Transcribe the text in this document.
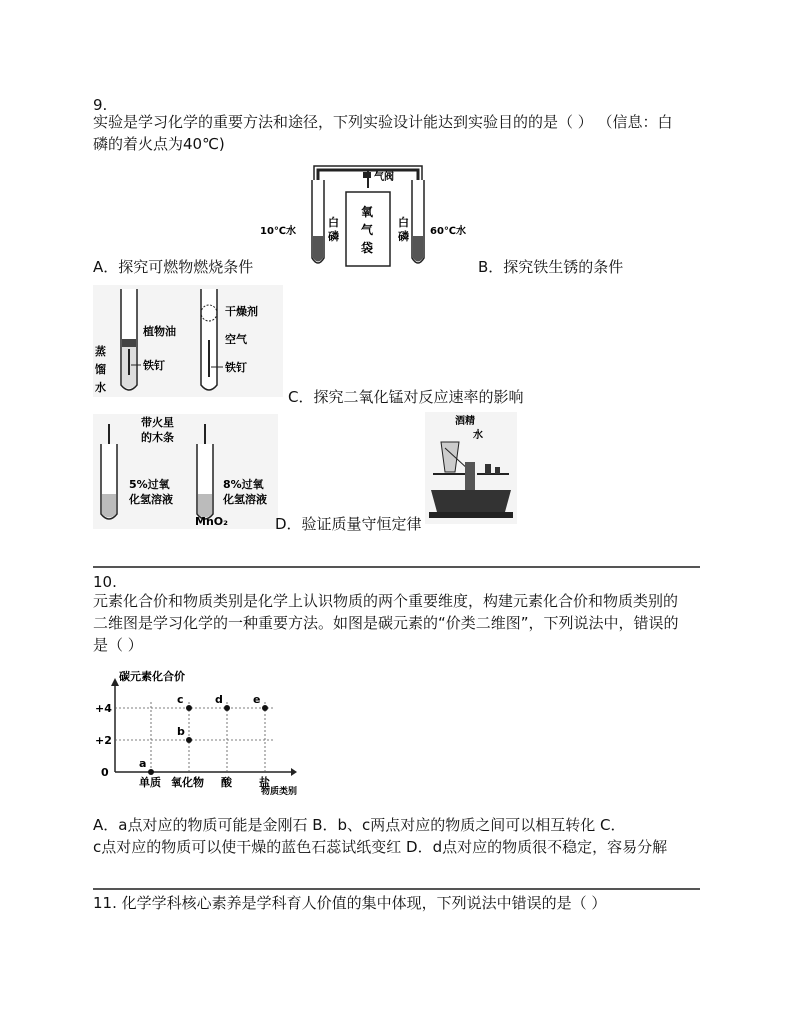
9.
实验是学习化学的重要方法和途径，下列实验设计能达到实验目的的是（ ） （信息：白
磷的着火点为40℃)
气阀
氧气袋
白磷
10℃水
白磷 60℃水
A．探究可燃物燃烧条件	B．探究铁生锈的条件
植物油
铁钉
蒸馏水
干燥剂
空气
铁钉
C．探究二氧化锰对反应速率的影响
带火星的木条
5%过氧化氢溶液
8%过氧化氢溶液
MnO₂
酒精
水
D．验证质量守恒定律
10.
元素化合价和物质类别是化学上认识物质的两个重要维度，构建元素化合价和物质类别的
二维图是学习化学的一种重要方法。如图是碳元素的“价类二维图”，下列说法中，错误的
是（ ）
碳元素化合价
物质类别
0
+2
+4
单质 氧化物 酸 盐
a
b
c	d	e
A．a点对应的物质可能是金刚石 B．b、c两点对应的物质之间可以相互转化 C．
c点对应的物质可以使干燥的蓝色石蕊试纸变红 D．d点对应的物质很不稳定，容易分解
11. 化学学科核心素养是学科育人价值的集中体现，下列说法中错误的是（ ）
